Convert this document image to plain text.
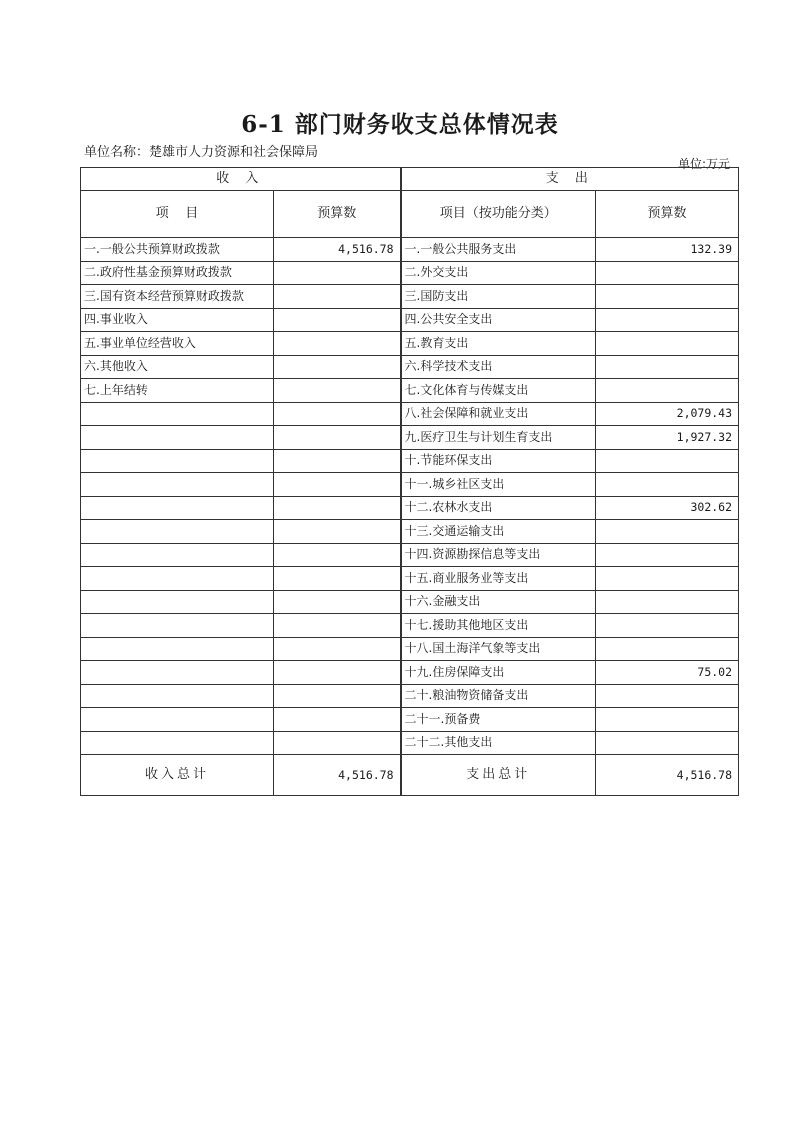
6-1 部门财务收支总体情况表
单位名称：楚雄市人力资源和社会保障局
单位:万元
收 入		支 出	
项    目	预算数	项目（按功能分类）	预算数
一.一般公共预算财政拨款	4,516.78	一.一般公共服务支出	132.39
二.政府性基金预算财政拨款		二.外交支出	
三.国有资本经营预算财政拨款		三.国防支出	
四.事业收入		四.公共安全支出	
五.事业单位经营收入		五.教育支出	
六.其他收入		六.科学技术支出	
七.上年结转		七.文化体育与传媒支出	
		八.社会保障和就业支出	2,079.43
		九.医疗卫生与计划生育支出	1,927.32
		十.节能环保支出	
		十一.城乡社区支出	
		十二.农林水支出	302.62
		十三.交通运输支出	
		十四.资源勘探信息等支出	
		十五.商业服务业等支出	
		十六.金融支出	
		十七.援助其他地区支出	
		十八.国土海洋气象等支出	
		十九.住房保障支出	75.02
		二十.粮油物资储备支出	
		二十一.预备费	
		二十二.其他支出	
收入总计	4,516.78	支出总计	4,516.78
